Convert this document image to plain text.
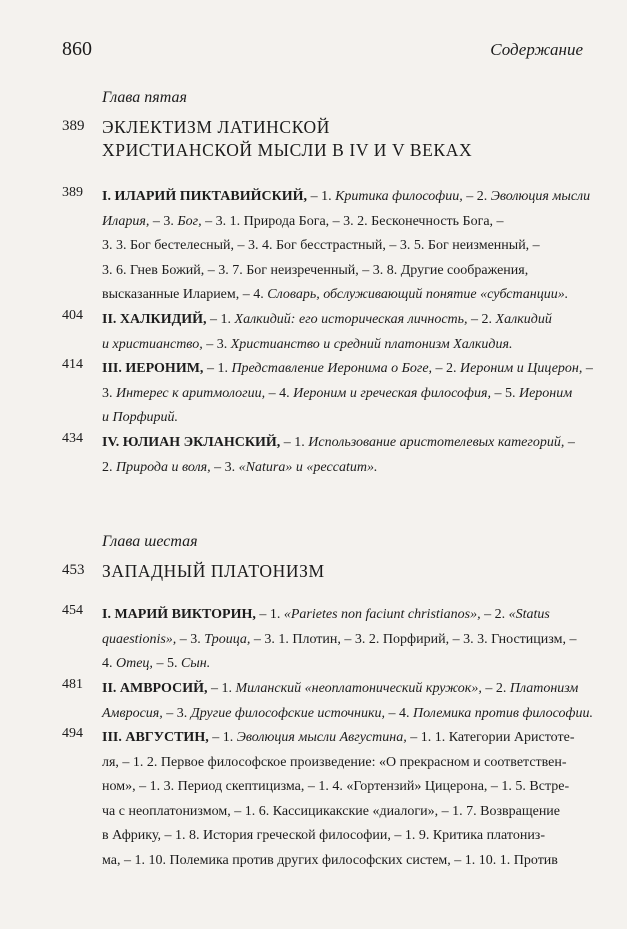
860	Содержание
Глава пятая
389 ЭКЛЕКТИЗМ ЛАТИНСКОЙ
ХРИСТИАНСКОЙ МЫСЛИ В IV И V ВЕКАХ
389 I. ИЛАРИЙ ПИКТАВИЙСКИЙ, – 1. Критика философии, – 2. Эволюция мысли
Илария, – 3. Бог, – 3. 1. Природа Бога, – 3. 2. Бесконечность Бога, –
3. 3. Бог бестелесный, – 3. 4. Бог бесстрастный, – 3. 5. Бог неизменный, –
3. 6. Гнев Божий, – 3. 7. Бог неизреченный, – 3. 8. Другие соображения,
высказанные Иларием, – 4. Словарь, обслуживающий понятие «субстанции».
404 II. ХАЛКИДИЙ, – 1. Халкидий: его историческая личность, – 2. Халкидий
и христианство, – 3. Христианство и средний платонизм Халкидия.
414 III. ИЕРОНИМ, – 1. Представление Иеронима о Боге, – 2. Иероним и Цицерон, –
3. Интерес к аритмологии, – 4. Иероним и греческая философия, – 5. Иероним
и Порфирий.
434 IV. ЮЛИАН ЭКЛАНСКИЙ, – 1. Использование аристотелевых категорий, –
2. Природа и воля, – 3. «Natura» и «peccatum».
Глава шестая
453 ЗАПАДНЫЙ ПЛАТОНИЗМ
454 I. МАРИЙ ВИКТОРИН, – 1. «Parietes non faciunt christianos», – 2. «Status
quaestionis», – 3. Троица, – 3. 1. Плотин, – 3. 2. Порфирий, – 3. 3. Гностицизм, –
4. Отец, – 5. Сын.
481 II. АМВРОСИЙ, – 1. Миланский «неоплатонический кружок», – 2. Платонизм
Амвросия, – 3. Другие философские источники, – 4. Полемика против философии.
494 III. АВГУСТИН, – 1. Эволюция мысли Августина, – 1. 1. Категории Аристоте-
ля, – 1. 2. Первое философское произведение: «О прекрасном и соответствен-
ном», – 1. 3. Период скептицизма, – 1. 4. «Гортензий» Цицерона, – 1. 5. Встре-
ча с неоплатонизмом, – 1. 6. Кассицикакские «диалоги», – 1. 7. Возвращение
в Африку, – 1. 8. История греческой философии, – 1. 9. Критика платониз-
ма, – 1. 10. Полемика против других философских систем, – 1. 10. 1. Против
